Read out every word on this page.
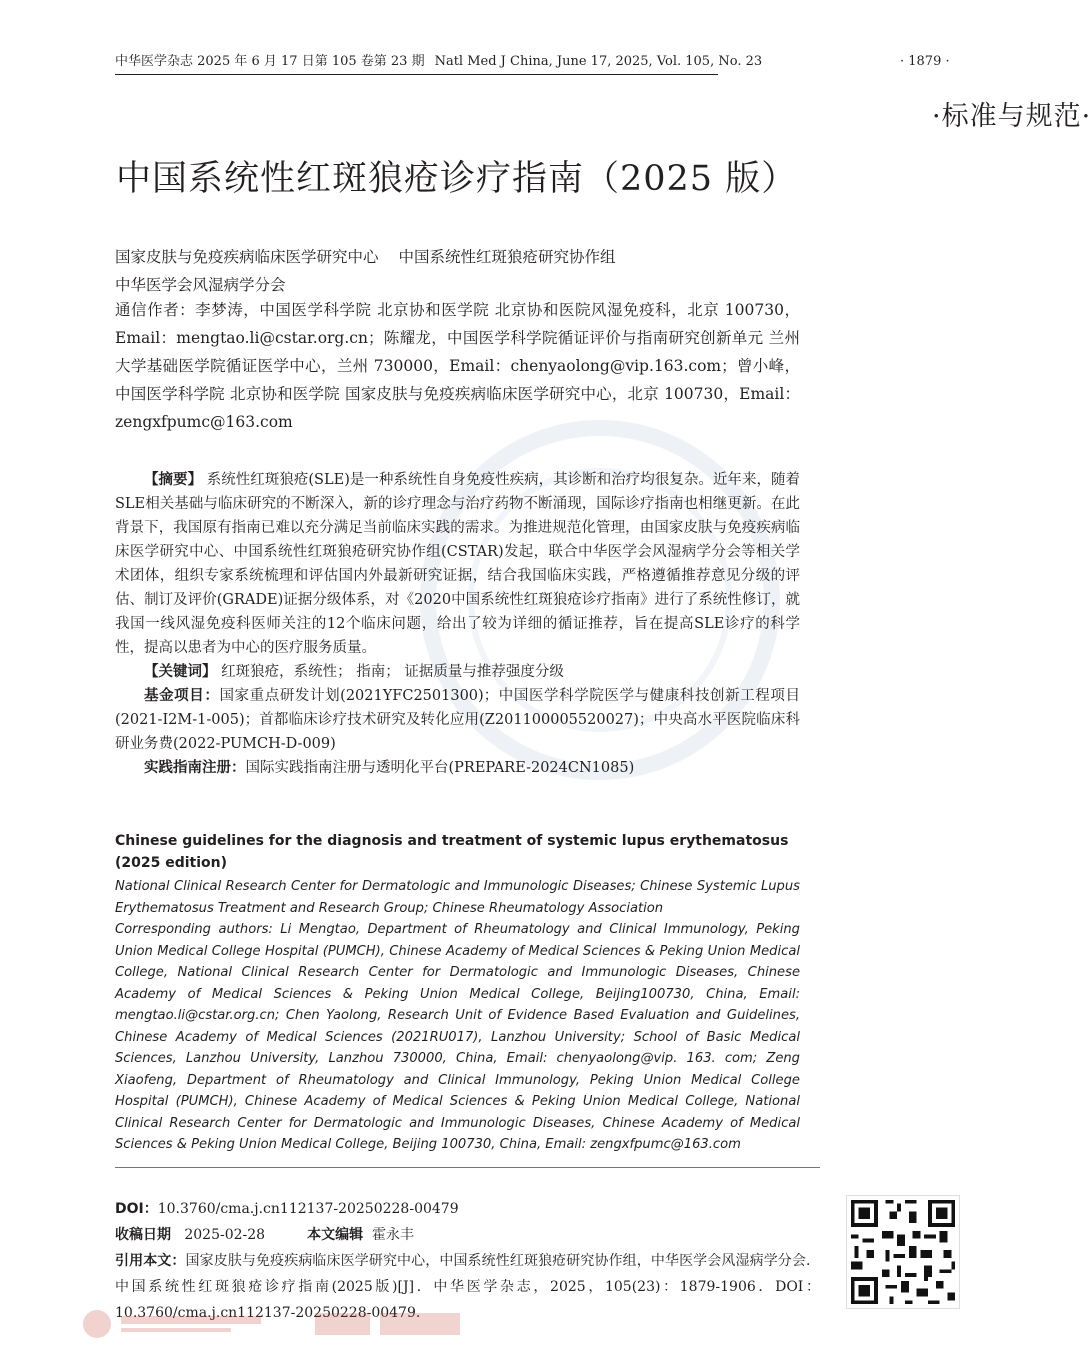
中华医学杂志 2025 年 6 月 17 日第 105 卷第 23 期 Natl Med J China, June 17, 2025, Vol. 105, No. 23	· 1879 ·
·标准与规范·
中国系统性红斑狼疮诊疗指南（2025 版）
国家皮肤与免疫疾病临床医学研究中心 中国系统性红斑狼疮研究协作组
中华医学会风湿病学分会
通信作者：李梦涛，中国医学科学院 北京协和医学院 北京协和医院风湿免疫科，北京 100730，Email：mengtao.li@cstar.org.cn；陈耀龙，中国医学科学院循证评价与指南研究创新单元 兰州大学基础医学院循证医学中心，兰州 730000，Email：chenyaolong@vip.163.com；曾小峰，中国医学科学院 北京协和医学院 国家皮肤与免疫疾病临床医学研究中心，北京 100730，Email：zengxfpumc@163.com

【摘要】 系统性红斑狼疮(SLE)是一种系统性自身免疫性疾病，其诊断和治疗均很复杂。近年来，随着SLE相关基础与临床研究的不断深入，新的诊疗理念与治疗药物不断涌现，国际诊疗指南也相继更新。在此背景下，我国原有指南已难以充分满足当前临床实践的需求。为推进规范化管理，由国家皮肤与免疫疾病临床医学研究中心、中国系统性红斑狼疮研究协作组(CSTAR)发起，联合中华医学会风湿病学分会等相关学术团体，组织专家系统梳理和评估国内外最新研究证据，结合我国临床实践，严格遵循推荐意见分级的评估、制订及评价(GRADE)证据分级体系，对《2020中国系统性红斑狼疮诊疗指南》进行了系统性修订，就我国一线风湿免疫科医师关注的12个临床问题，给出了较为详细的循证推荐，旨在提高SLE诊疗的科学性，提高以患者为中心的医疗服务质量。

【关键词】 红斑狼疮，系统性； 指南； 证据质量与推荐强度分级

基金项目：国家重点研发计划(2021YFC2501300)；中国医学科学院医学与健康科技创新工程项目(2021-I2M-1-005)；首都临床诊疗技术研究及转化应用(Z201100005520027)；中央高水平医院临床科研业务费(2022-PUMCH-D-009)

实践指南注册：国际实践指南注册与透明化平台(PREPARE-2024CN1085)

Chinese guidelines for the diagnosis and treatment of systemic lupus erythematosus (2025 edition)

National Clinical Research Center for Dermatologic and Immunologic Diseases; Chinese Systemic Lupus Erythematosus Treatment and Research Group; Chinese Rheumatology Association

Corresponding authors: Li Mengtao, Department of Rheumatology and Clinical Immunology, Peking Union Medical College Hospital (PUMCH), Chinese Academy of Medical Sciences & Peking Union Medical College, National Clinical Research Center for Dermatologic and Immunologic Diseases, Chinese Academy of Medical Sciences & Peking Union Medical College, Beijing100730, China, Email: mengtao.li@cstar.org.cn; Chen Yaolong, Research Unit of Evidence Based Evaluation and Guidelines, Chinese Academy of Medical Sciences (2021RU017), Lanzhou University; School of Basic Medical Sciences, Lanzhou University, Lanzhou 730000, China, Email: chenyaolong@vip. 163. com; Zeng Xiaofeng, Department of Rheumatology and Clinical Immunology, Peking Union Medical College Hospital (PUMCH), Chinese Academy of Medical Sciences & Peking Union Medical College, National Clinical Research Center for Dermatologic and Immunologic Diseases, Chinese Academy of Medical Sciences & Peking Union Medical College, Beijing 100730, China, Email: zengxfpumc@163.com

DOI：10.3760/cma.j.cn112137-20250228-00479
收稿日期 2025-02-28	本文编辑 霍永丰
引用本文：国家皮肤与免疫疾病临床医学研究中心，中国系统性红斑狼疮研究协作组，中华医学会风湿病学分会．中国系统性红斑狼疮诊疗指南(2025版)[J]．中华医学杂志，2025，105(23)：1879-1906．DOI：10.3760/cma.j.cn112137-20250228-00479.
